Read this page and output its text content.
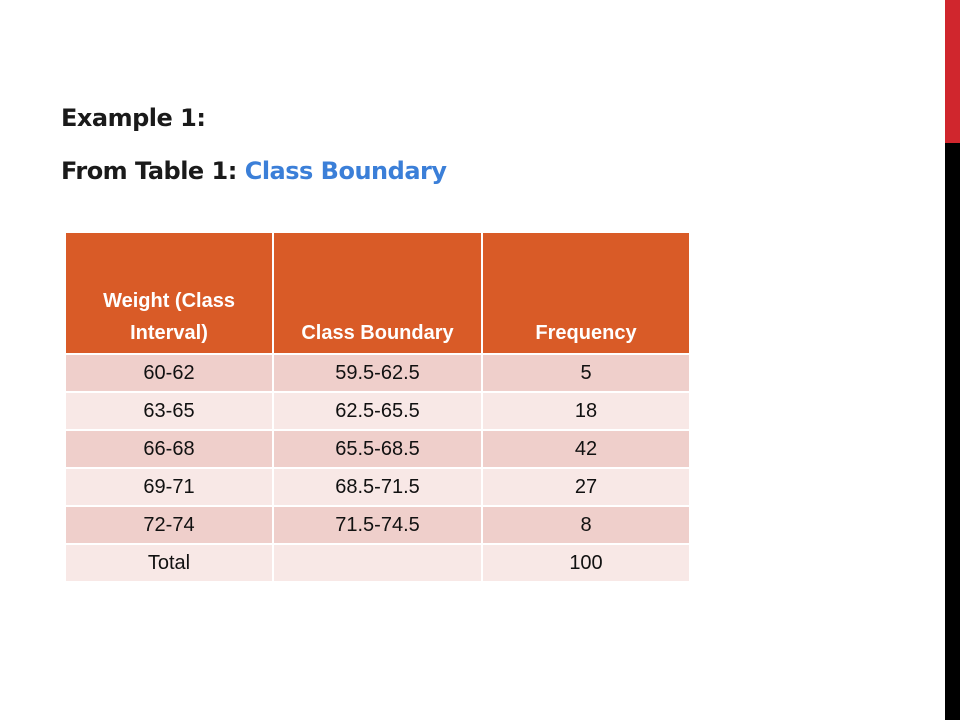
Example 1:
From Table 1: Class Boundary
Weight (Class Interval)	Class Boundary	Frequency
60-62	59.5-62.5	5
63-65	62.5-65.5	18
66-68	65.5-68.5	42
69-71	68.5-71.5	27
72-74	71.5-74.5	8
Total		100
